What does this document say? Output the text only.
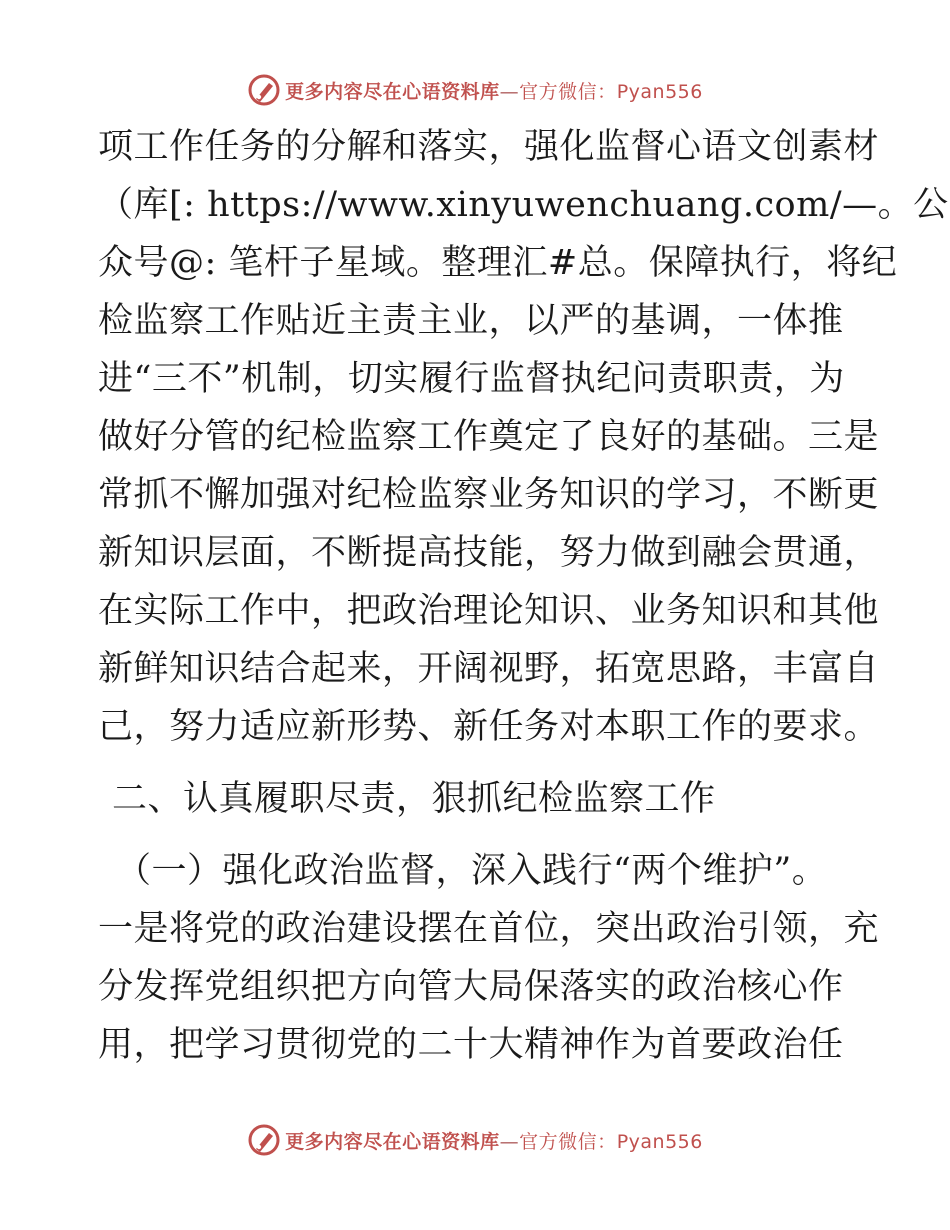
更多内容尽在心语资料库—官方微信：Pyan556
项工作任务的分解和落实，强化监督心语文创素材
（库[: https://www.xinyuwenchuang.com/—。公
众号@: 笔杆子星域。整理汇#总。保障执行，将纪
检监察工作贴近主责主业，以严的基调，一体推
进“三不”机制，切实履行监督执纪问责职责，为
做好分管的纪检监察工作奠定了良好的基础。三是
常抓不懈加强对纪检监察业务知识的学习，不断更
新知识层面，不断提高技能，努力做到融会贯通，
在实际工作中，把政治理论知识、业务知识和其他
新鲜知识结合起来，开阔视野，拓宽思路，丰富自
己，努力适应新形势、新任务对本职工作的要求。
二、认真履职尽责，狠抓纪检监察工作
（一）强化政治监督，深入践行“两个维护”。
一是将党的政治建设摆在首位，突出政治引领，充
分发挥党组织把方向管大局保落实的政治核心作
用，把学习贯彻党的二十大精神作为首要政治任
更多内容尽在心语资料库—官方微信：Pyan556
